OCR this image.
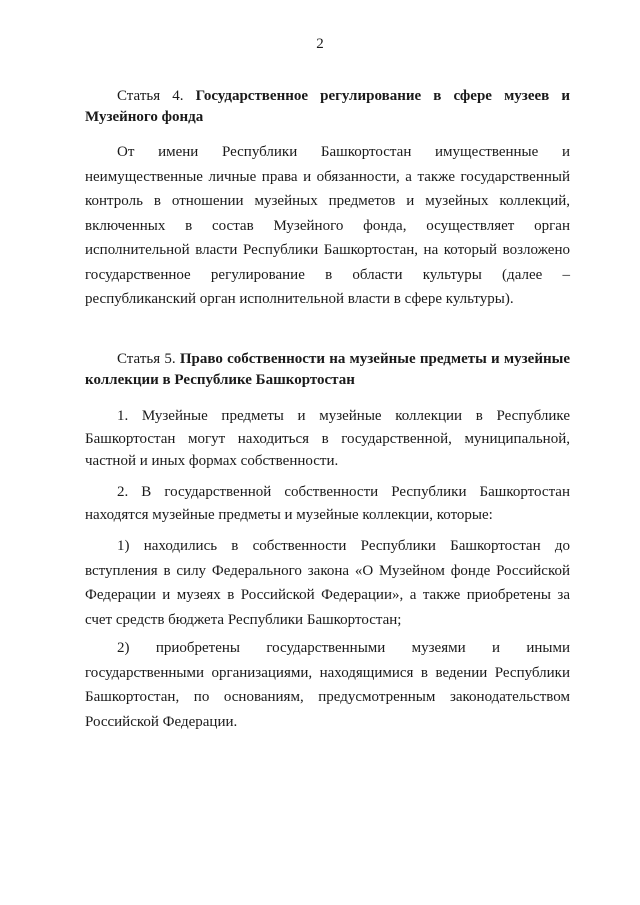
2
Статья 4. Государственное регулирование в сфере музеев и Музейного фонда
От имени Республики Башкортостан имущественные и неимущественные личные права и обязанности, а также государственный контроль в отношении музейных предметов и музейных коллекций, включенных в состав Музейного фонда, осуществляет орган исполнительной власти Республики Башкортостан, на который возложено государственное регулирование в области культуры (далее – республиканский орган исполнительной власти в сфере культуры).
Статья 5. Право собственности на музейные предметы и музейные коллекции в Республике Башкортостан
1. Музейные предметы и музейные коллекции в Республике Башкортостан могут находиться в государственной, муниципальной, частной и иных формах собственности.
2. В государственной собственности Республики Башкортостан находятся музейные предметы и музейные коллекции, которые:
1) находились в собственности Республики Башкортостан до вступления в силу Федерального закона «О Музейном фонде Российской Федерации и музеях в Российской Федерации», а также приобретены за счет средств бюджета Республики Башкортостан;
2) приобретены государственными музеями и иными государственными организациями, находящимися в ведении Республики Башкортостан, по основаниям, предусмотренным законодательством Российской Федерации.
